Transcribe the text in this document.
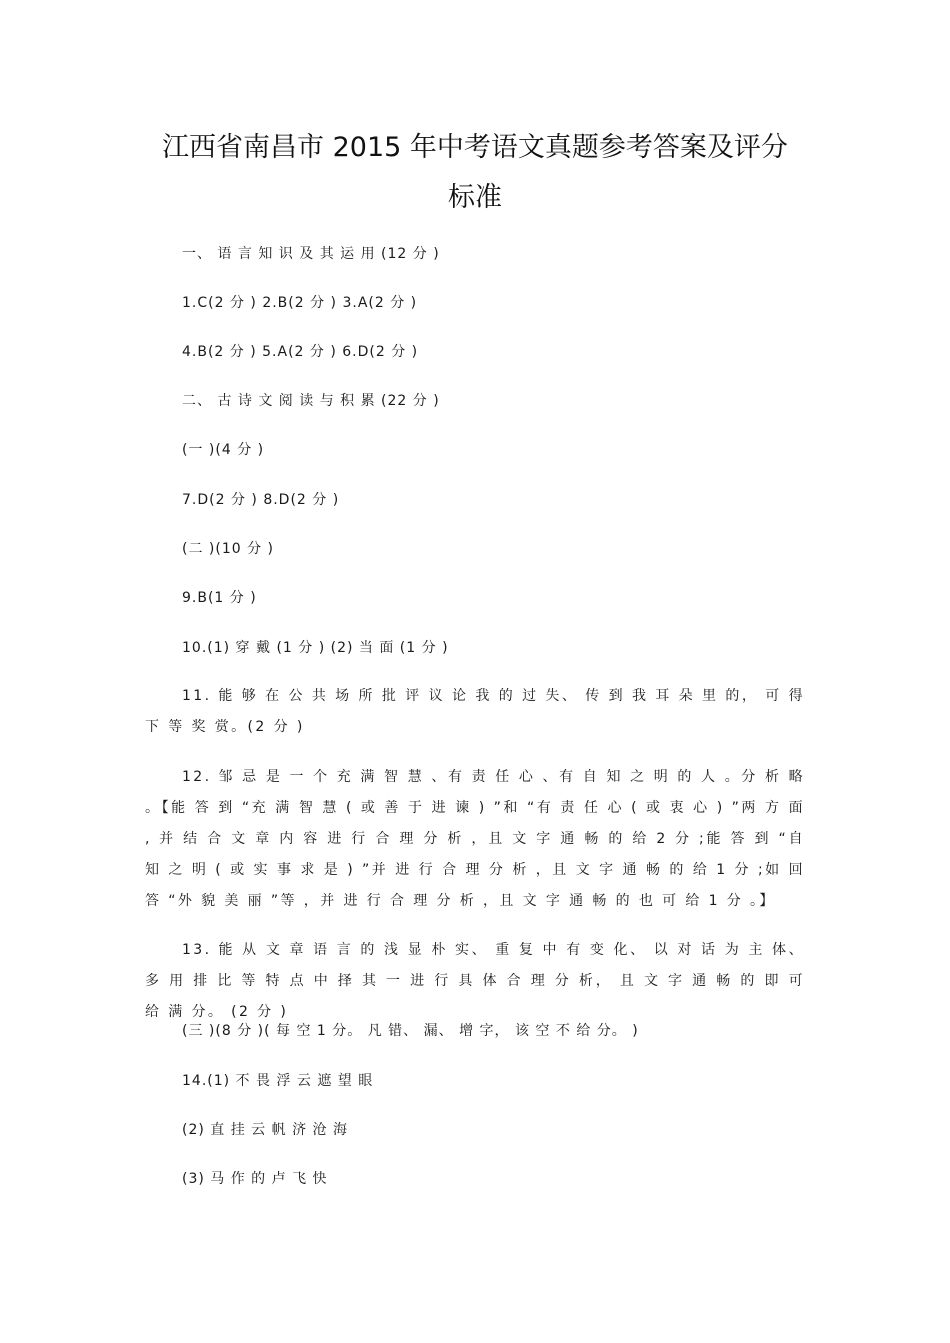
江西省南昌市 2015 年中考语文真题参考答案及评分
标准
一、 语 言 知 识 及 其 运 用 (12 分 )
1.C(2 分 ) 2.B(2 分 ) 3.A(2 分 )
4.B(2 分 ) 5.A(2 分 ) 6.D(2 分 )
二、 古 诗 文 阅 读 与 积 累 (22 分 )
(一 )(4 分 )
7.D(2 分 ) 8.D(2 分 )
(二 )(10 分 )
9.B(1 分 )
10.(1) 穿 戴 (1 分 ) (2) 当 面 (1 分 )
11. 能 够 在 公 共 场 所 批 评 议 论 我 的 过 失、 传 到 我 耳 朵 里 的， 可 得 下 等 奖 赏。(2 分 )
12. 邹 忌 是 一 个 充 满 智 慧 、有 责 任 心 、有 自 知 之 明 的 人 。分 析 略 。【能 答 到 “充 满 智 慧 ( 或 善 于 进 谏 ) ”和 “有 责 任 心 ( 或 衷 心 ) ”两 方 面 , 并 结 合 文 章 内 容 进 行 合 理 分 析 ，且 文 字 通 畅 的 给 2 分 ;能 答 到 “自 知 之 明 ( 或 实 事 求 是 ) ”并 进 行 合 理 分 析 ，且 文 字 通 畅 的 给 1 分 ;如 回 答 “外 貌 美 丽 ”等 ，并 进 行 合 理 分 析 ，且 文 字 通 畅 的 也 可 给 1 分 。】
13. 能 从 文 章 语 言 的 浅 显 朴 实、 重 复 中 有 变 化、 以 对 话 为 主 体、 多 用 排 比 等 特 点 中 择 其 一 进 行 具 体 合 理 分 析， 且 文 字 通 畅 的 即 可 给 满 分。 (2 分 )
(三 )(8 分 )( 每 空 1 分。 凡 错、 漏、 增 字， 该 空 不 给 分。 )
14.(1) 不 畏 浮 云 遮 望 眼
(2) 直 挂 云 帆 济 沧 海
(3) 马 作 的 卢 飞 快
